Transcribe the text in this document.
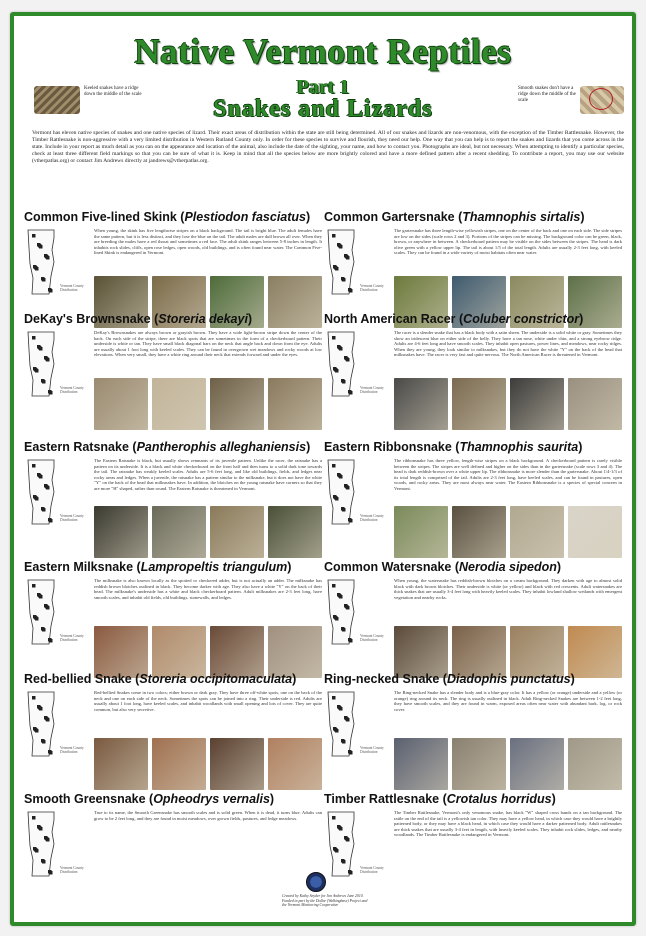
Native Vermont Reptiles
Part 1
Snakes and Lizards
Keeled snakes have a ridge down the middle of the scale
Smooth snakes don't have a ridge down the middle of the scale

Vermont has eleven native species of snakes and one native species of lizard. Their exact areas of distribution within the state are still being determined. All of our snakes and lizards are non-venomous, with the exception of the Timber Rattlesnake. However, the Timber Rattlesnake is non-aggressive with a very limited distribution in Western Rutland County only. In order for these species to survive and flourish, they need our help. One way that you can help is to report the snakes and lizards that you come across in the state. Include in your report as much detail as you can on the appearance and location of the animal, also include the date of the sighting, your name, and how to contact you. Photographs are ideal, but not necessary. When attempting to identify a particular species, check at least three different field markings so that you can be sure of what it is. Keep in mind that all the species below are more brightly colored and have a more defined pattern after a recent shedding. To contribute a report, you may use our website (vtherpatlas.org) or contact Jim Andrews directly at jandrews@vtherpatlas.org.

Common Five-lined Skink (Plestiodon fasciatus)
Vermont County Distribution

When young, the skink has five lengthwise stripes on a black background. The tail is bright blue. The adult females have the same pattern, but it is less distinct, and they lose the blue on the tail. The adult males are dull brown all over. When they are breeding the males have a red throat and sometimes a red face. The adult skink ranges between 5-8 inches in length. It inhabits rock slides, cliffs, open rose ledges, open woods, old buildings, and is often found near water. The Common Five-lined Skink is endangered in Vermont.

Common Gartersnake (Thamnophis sirtalis)
Vermont County Distribution

The gartersnake has three length-wise yellowish stripes, one on the center of the back and one on each side. The side stripes are low on the sides (scale rows 2 and 3). Portions of the stripes can be missing. The background color can be green, black, brown, or anywhere in between. A checkerboard pattern may be visible on the sides between the stripes. The head is dark olive green with a yellow upper lip. The tail is about 1/5 of the total length. Adults are usually 2-3 feet long, with keeled scales. They can be found in a wide variety of moist habitats often near water.

DeKay's Brownsnake (Storeria dekayi)
Vermont County Distribution

DeKay's Brownsnakes are always brown or grayish brown. They have a wide light-brown stripe down the center of the back. On each side of the stripe, there are black spots that are sometimes in the form of a checkerboard pattern. Their underside is white or tan. They have small black diagonal bars on the neck that angle back and down from the eye. Adults are usually about 1 foot long with keeled scales. They can be found in overgrown wet meadows and rocky woods at low elevations. When very small, they have a white ring around their neck that extends forward and under the eyes.

North American Racer (Coluber constrictor)
Vermont County Distribution

The racer is a slender snake that has a black body with a satin sheen. The underside is a solid white or gray. Sometimes they show an iridescent blue on either side of the belly. They have a tan nose, white under chin, and a strong eyebrow ridge. Adults are 4-6 feet long and have smooth scales. They inhabit open pastures, power lines, and meadows, near rocky ridges. When they are young, they look similar to milksnakes, but they do not have the white "Y" on the back of the head that milksnakes have. The racer is very fast and quite nervous. The North American Racer is threatened in Vermont.

Eastern Ratsnake (Pantherophis alleghaniensis)
Vermont County Distribution

The Eastern Ratsnake is black, but usually shows remnants of its juvenile pattern. Unlike the racer, the ratsnake has a pattern on its underside. It is a black and white checkerboard on the front half and then turns to a solid dark tone towards the tail. The ratsnake has weakly keeled scales. Adults are 5-6 feet long, and like old buildings, fields, and ledges near rocky areas and ledges. When a juvenile, the ratsnake has a pattern similar to the milksnake, but it does not have the white "Y" on the back of the head that milksnakes have. In addition, the blotches on the young ratsnake have corners so that they are more "H" shaped, rather than round. The Eastern Ratsnake is threatened in Vermont.

Eastern Ribbonsnake (Thamnophis saurita)
Vermont County Distribution

The ribbonsnake has three yellow, length-wise stripes on a black background. A checkerboard pattern is rarely visible between the stripes. The stripes are well defined and higher on the sides than in the gartersnake (scale rows 3 and 4). The head is dark reddish-brown over a white upper lip. The ribbonsnake is more slender than the gartersnake. About 1/4-1/3 of its total length is comprised of the tail. Adults are 2-3 feet long, have keeled scales, and can be found in pastures, open woods, and rocky areas. They are most always near water. The Eastern Ribbonsnake is a species of special concern in Vermont.

Eastern Milksnake (Lampropeltis triangulum)
Vermont County Distribution

The milksnake is also known locally as the spotted or checkered adder, but is not actually an adder. The milksnake has reddish brown blotches outlined in black. They become darker with age. They also have a white "Y" on the back of their head. The milksnake's underside has a white and black checkerboard pattern. Adult milksnakes are 2-3 feet long, have smooth scales, and inhabit old fields, old buildings, stonewalls, and ledges.

Common Watersnake (Nerodia sipedon)
Vermont County Distribution

When young, the watersnake has reddish-brown blotches on a cream background. They darken with age to almost solid black with dark brown blotches. Their underside is white (or yellow) and black with red crescents. Adult watersnakes are thick snakes that are usually 3-4 feet long with heavily keeled scales. They inhabit lowland shallow wetlands with emergent vegetation and nearby rocks.

Red-bellied Snake (Storeria occipitomaculata)
Vermont County Distribution

Red-bellied Snakes come in two colors; either brown or dark gray. They have three off-white spots, one on the back of the neck and one on each side of the neck. Sometimes the spots can be joined into a ring. Their underside is red. Adults are usually about 1 foot long, have keeled scales, and inhabit woodlands with small opening and lots of cover. They are quite common, but also very secretive.

Ring-necked Snake (Diadophis punctatus)
Vermont County Distribution

The Ring-necked Snake has a slender body and is a blue-gray color. It has a yellow (or orange) underside and a yellow (or orange) ring around its neck. The ring is usually outlined in black. Adult Ring-necked Snakes are between 1-2 feet long, they have smooth scales, and they are found in warm, exposed areas often near water with abundant bark, log, or rock cover.

Smooth Greensnake (Opheodrys vernalis)
Vermont County Distribution

True to its name, the Smooth Greensnake has smooth scales and is solid green. When it is dead, it turns blue. Adults can grow to be 2 feet long, and they are found in moist meadows, over grown fields, pastures, and ledge meadows.

Timber Rattlesnake (Crotalus horridus)
Vermont County Distribution

The Timber Rattlesnake, Vermont's only venomous snake, has black "W" shaped cross bands on a tan background. The rattle on the end of the tail is a yellowish tan color. They may have a yellow head, in which case they would have a brightly patterned body, or they may have a black head, in which case they would have a darker patterned body. Adult rattlesnakes are thick snakes that are usually 3-4 feet in length, with heavily keeled scales. They inhabit rock slides, ledges, and nearby woodlands. The Timber Rattlesnake is endangered in Vermont.

Created by Kathy Snyder for Jim Andrews June 2010. Funded in part by the Dollar (Walkingbase) Project and the Vermont Monitoring Cooperative
